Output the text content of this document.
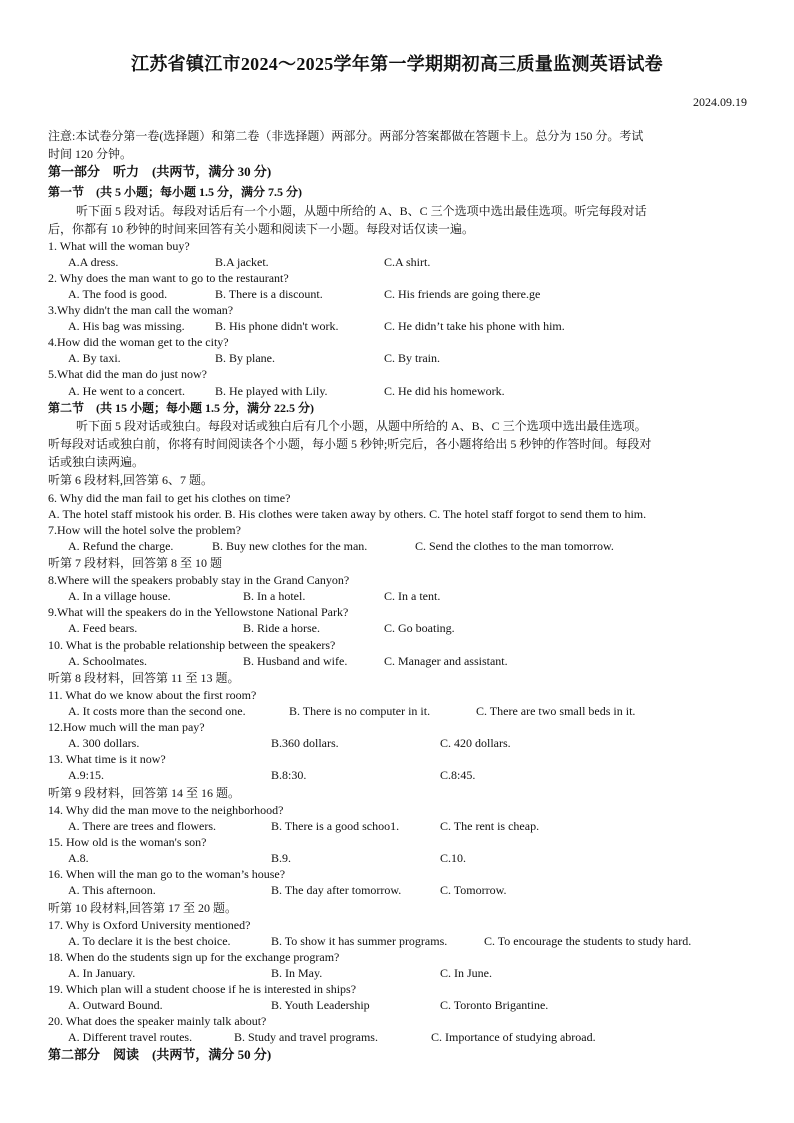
江苏省镇江市2024～2025学年第一学期期初高三质量监测英语试卷
2024.09.19
注意:本试卷分第一卷(选择题）和第二卷（非选择题）两部分。两部分答案都做在答题卡上。总分为 150 分。考试
时间 120 分钟。
第一部分　听力　(共两节，满分 30 分)
第一节　(共 5 小题；每小题 1.5 分，满分 7.5 分)
听下面 5 段对话。每段对话后有一个小题，从题中所给的 A、B、C 三个选项中选出最佳选项。听完每段对话
后，你都有 10 秒钟的时间来回答有关小题和阅读下一小题。每段对话仅读一遍。
1. What will the woman buy?
A.A dress.	B.A jacket.	C.A shirt.
2. Why does the man want to go to the restaurant?
A. The food is good.	B. There is a discount.	C. His friends are going there.ge
3.Why didn't the man call the woman?
A. His bag was missing.	B. His phone didn't work.	C. He didn’t take his phone with him.
4.How did the woman get to the city?
A. By taxi.	B. By plane.	C. By train.
5.What did the man do just now?
A. He went to a concert.	B. He played with Lily.	C. He did his homework.
第二节　(共 15 小题；每小题 1.5 分，满分 22.5 分)
听下面 5 段对话或独白。每段对话或独白后有几个小题，从题中所给的 A、B、C 三个选项中选出最佳选项。
听每段对话或独白前，你将有时间阅读各个小题，每小题 5 秒钟;听完后，各小题将给出 5 秒钟的作答时间。每段对
话或独白读两遍。
听第 6 段材料,回答第 6、7 题。
6. Why did the man fail to get his clothes on time?
A. The hotel staff mistook his order. B. His clothes were taken away by others. C. The hotel staff forgot to send them to him.
7.How will the hotel solve the problem?
A. Refund the charge.	B. Buy new clothes for the man.	C. Send the clothes to the man tomorrow.
听第 7 段材料，回答第 8 至 10 题
8.Where will the speakers probably stay in the Grand Canyon?
A. In a village house.	B. In a hotel.	C. In a tent.
9.What will the speakers do in the Yellowstone National Park?
A. Feed bears.	B. Ride a horse.	C. Go boating.
10. What is the probable relationship between the speakers?
A. Schoolmates.	B. Husband and wife.	C. Manager and assistant.
听第 8 段材料，回答第 11 至 13 题。
11. What do we know about the first room?
A. It costs more than the second one.	B. There is no computer in it.	C. There are two small beds in it.
12.How much will the man pay?
A. 300 dollars.	B.360 dollars.	C. 420 dollars.
13. What time is it now?
A.9:15.	B.8:30.	C.8:45.
听第 9 段材料，回答第 14 至 16 题。
14. Why did the man move to the neighborhood?
A. There are trees and flowers.	B. There is a good schoo1.	C. The rent is cheap.
15. How old is the woman's son?
A.8.	B.9.	C.10.
16. When will the man go to the woman’s house?
A. This afternoon.	B. The day after tomorrow.	C. Tomorrow.
听第 10 段材料,回答第 17 至 20 题。
17. Why is Oxford University mentioned?
A. To declare it is the best choice.	B. To show it has summer programs.	C. To encourage the students to study hard.
18. When do the students sign up for the exchange program?
A. In January.	B. In May.	C. In June.
19. Which plan will a student choose if he is interested in ships?
A. Outward Bound.	B. Youth Leadership	C. Toronto Brigantine.
20. What does the speaker mainly talk about?
A. Different travel routes.	B. Study and travel programs.	C. Importance of studying abroad.
第二部分　阅读　(共两节，满分 50 分)
